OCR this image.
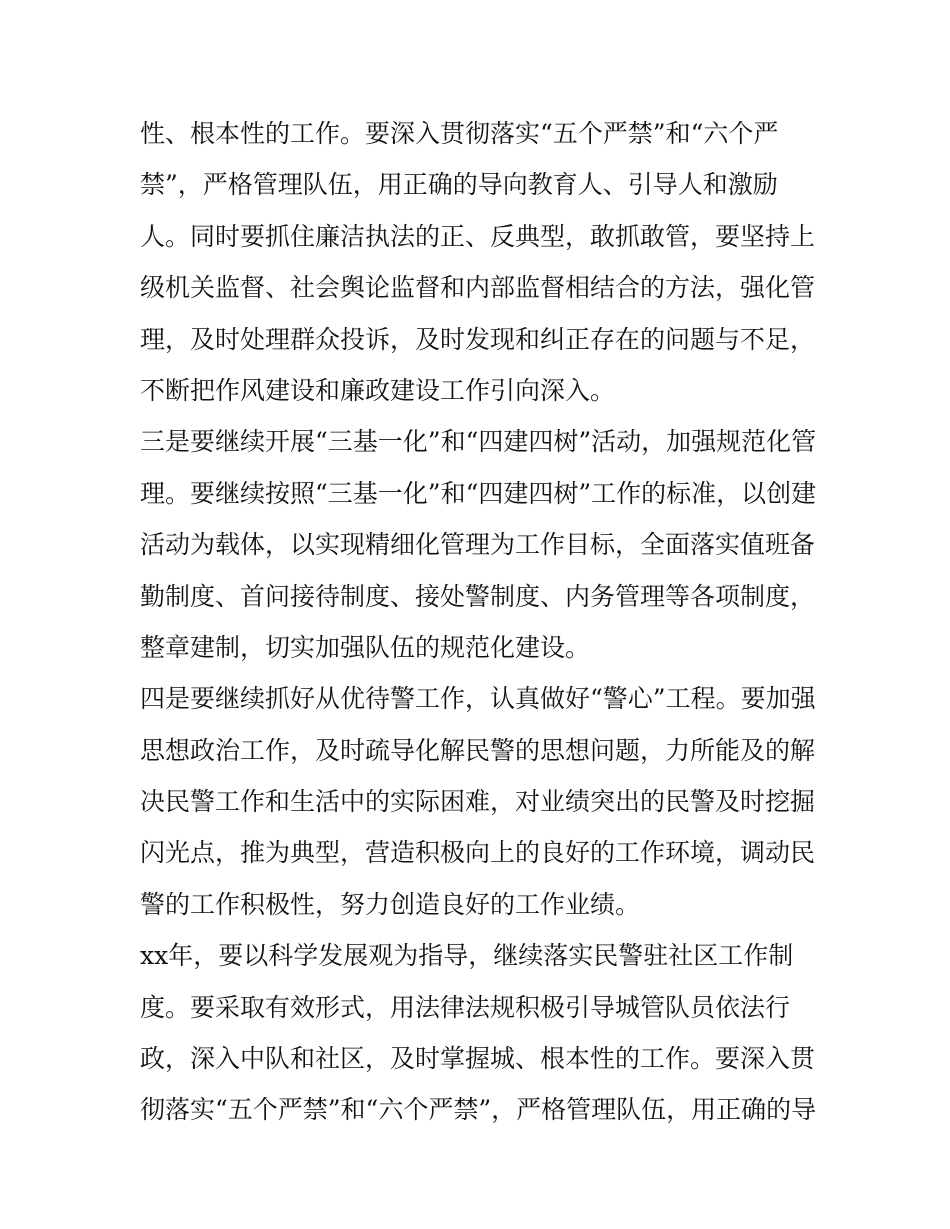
性、根本性的工作。要深入贯彻落实“五个严禁”和“六个严
禁”，严格管理队伍，用正确的导向教育人、引导人和激励
人。同时要抓住廉洁执法的正、反典型，敢抓敢管，要坚持上
级机关监督、社会舆论监督和内部监督相结合的方法，强化管
理，及时处理群众投诉，及时发现和纠正存在的问题与不足，
不断把作风建设和廉政建设工作引向深入。
三是要继续开展“三基一化”和“四建四树”活动，加强规范化管
理。要继续按照“三基一化”和“四建四树”工作的标准，以创建
活动为载体，以实现精细化管理为工作目标，全面落实值班备
勤制度、首问接待制度、接处警制度、内务管理等各项制度，
整章建制，切实加强队伍的规范化建设。
四是要继续抓好从优待警工作，认真做好“警心”工程。要加强
思想政治工作，及时疏导化解民警的思想问题，力所能及的解
决民警工作和生活中的实际困难，对业绩突出的民警及时挖掘
闪光点，推为典型，营造积极向上的良好的工作环境，调动民
警的工作积极性，努力创造良好的工作业绩。
xx年，要以科学发展观为指导，继续落实民警驻社区工作制
度。要采取有效形式，用法律法规积极引导城管队员依法行
政，深入中队和社区，及时掌握城、根本性的工作。要深入贯
彻落实“五个严禁”和“六个严禁”，严格管理队伍，用正确的导
